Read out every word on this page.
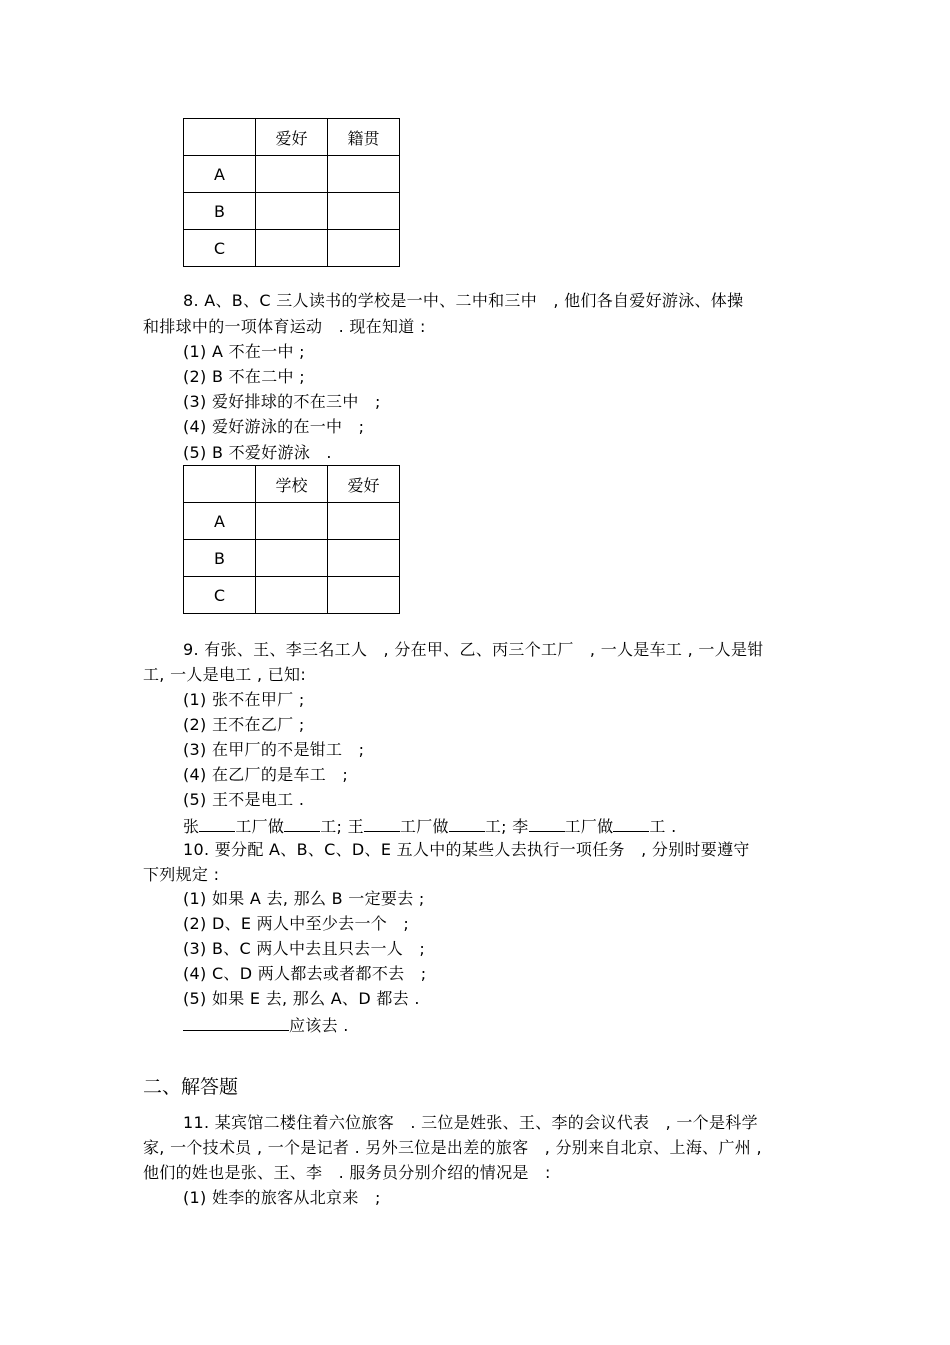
	爱好	籍贯
A		
B		
C		
8. A、B、C 三人读书的学校是一中、二中和三中　, 他们各自爱好游泳、体操
和排球中的一项体育运动　. 现在知道 :
(1) A 不在一中 ;
(2) B 不在二中 ;
(3) 爱好排球的不在三中　;
(4) 爱好游泳的在一中　;
(5) B 不爱好游泳　.
	学校	爱好
A		
B		
C		
9. 有张、王、李三名工人　, 分在甲、乙、丙三个工厂　, 一人是车工 , 一人是钳
工, 一人是电工 , 已知:
(1) 张不在甲厂 ;
(2) 王不在乙厂 ;
(3) 在甲厂的不是钳工　;
(4) 在乙厂的是车工　;
(5) 王不是电工 .
张 工厂做 工; 王 工厂做 工; 李 工厂做 工 .
10. 要分配 A、B、C、D、E 五人中的某些人去执行一项任务　, 分别时要遵守
下列规定 :
(1) 如果 A 去, 那么 B 一定要去 ;
(2) D、E 两人中至少去一个　;
(3) B、C 两人中去且只去一人　;
(4) C、D 两人都去或者都不去　;
(5) 如果 E 去, 那么 A、D 都去 .
应该去 .
二、解答题
11. 某宾馆二楼住着六位旅客　. 三位是姓张、王、李的会议代表　, 一个是科学
家, 一个技术员 , 一个是记者 . 另外三位是出差的旅客　, 分别来自北京、上海、广州 ,
他们的姓也是张、王、李　. 服务员分别介绍的情况是　:
(1) 姓李的旅客从北京来　;
